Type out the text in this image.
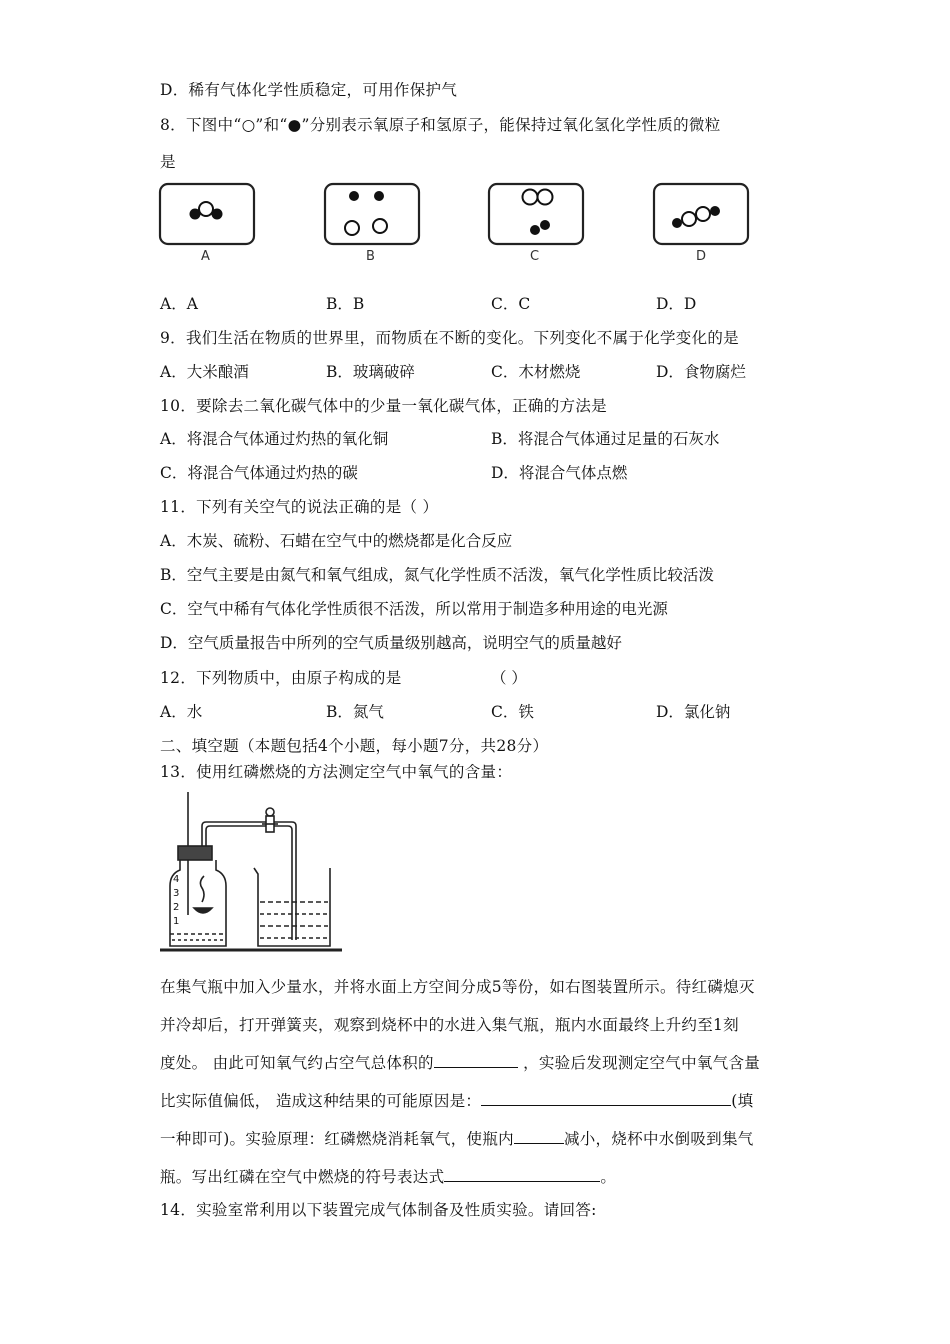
D．稀有气体化学性质稳定，可用作保护气
8．下图中“○”和“●”分别表示氧原子和氢原子，能保持过氧化氢化学性质的微粒
是
A	B	C	D
A．A	B．B	C．C	D．D
9．我们生活在物质的世界里，而物质在不断的变化。下列变化不属于化学变化的是
A．大米酿酒	B．玻璃破碎	C．木材燃烧	D．食物腐烂
10．要除去二氧化碳气体中的少量一氧化碳气体，正确的方法是
A．将混合气体通过灼热的氧化铜	B．将混合气体通过足量的石灰水
C．将混合气体通过灼热的碳	D．将混合气体点燃
11．下列有关空气的说法正确的是（ ）
A．木炭、硫粉、石蜡在空气中的燃烧都是化合反应
B．空气主要是由氮气和氧气组成，氮气化学性质不活泼，氧气化学性质比较活泼
C．空气中稀有气体化学性质很不活泼，所以常用于制造多种用途的电光源
D．空气质量报告中所列的空气质量级别越高，说明空气的质量越好
12．下列物质中，由原子构成的是	（ ）
A．水	B．氮气	C．铁	D．氯化钠
二、填空题（本题包括4个小题，每小题7分，共28分）
13．使用红磷燃烧的方法测定空气中氧气的含量：
4
3
2
1
在集气瓶中加入少量水，并将水面上方空间分成5等份，如右图装置所示。待红磷熄灭
并冷却后，打开弹簧夹，观察到烧杯中的水进入集气瓶，瓶内水面最终上升约至1刻
度处。 由此可知氧气约占空气总体积的	，实验后发现测定空气中氧气含量
比实际值偏低， 造成这种结果的可能原因是：	(填
一种即可)。实验原理：红磷燃烧消耗氧气，使瓶内	减小，烧杯中水倒吸到集气
瓶。写出红磷在空气中燃烧的符号表达式	。
14．实验室常利用以下装置完成气体制备及性质实验。请回答:
